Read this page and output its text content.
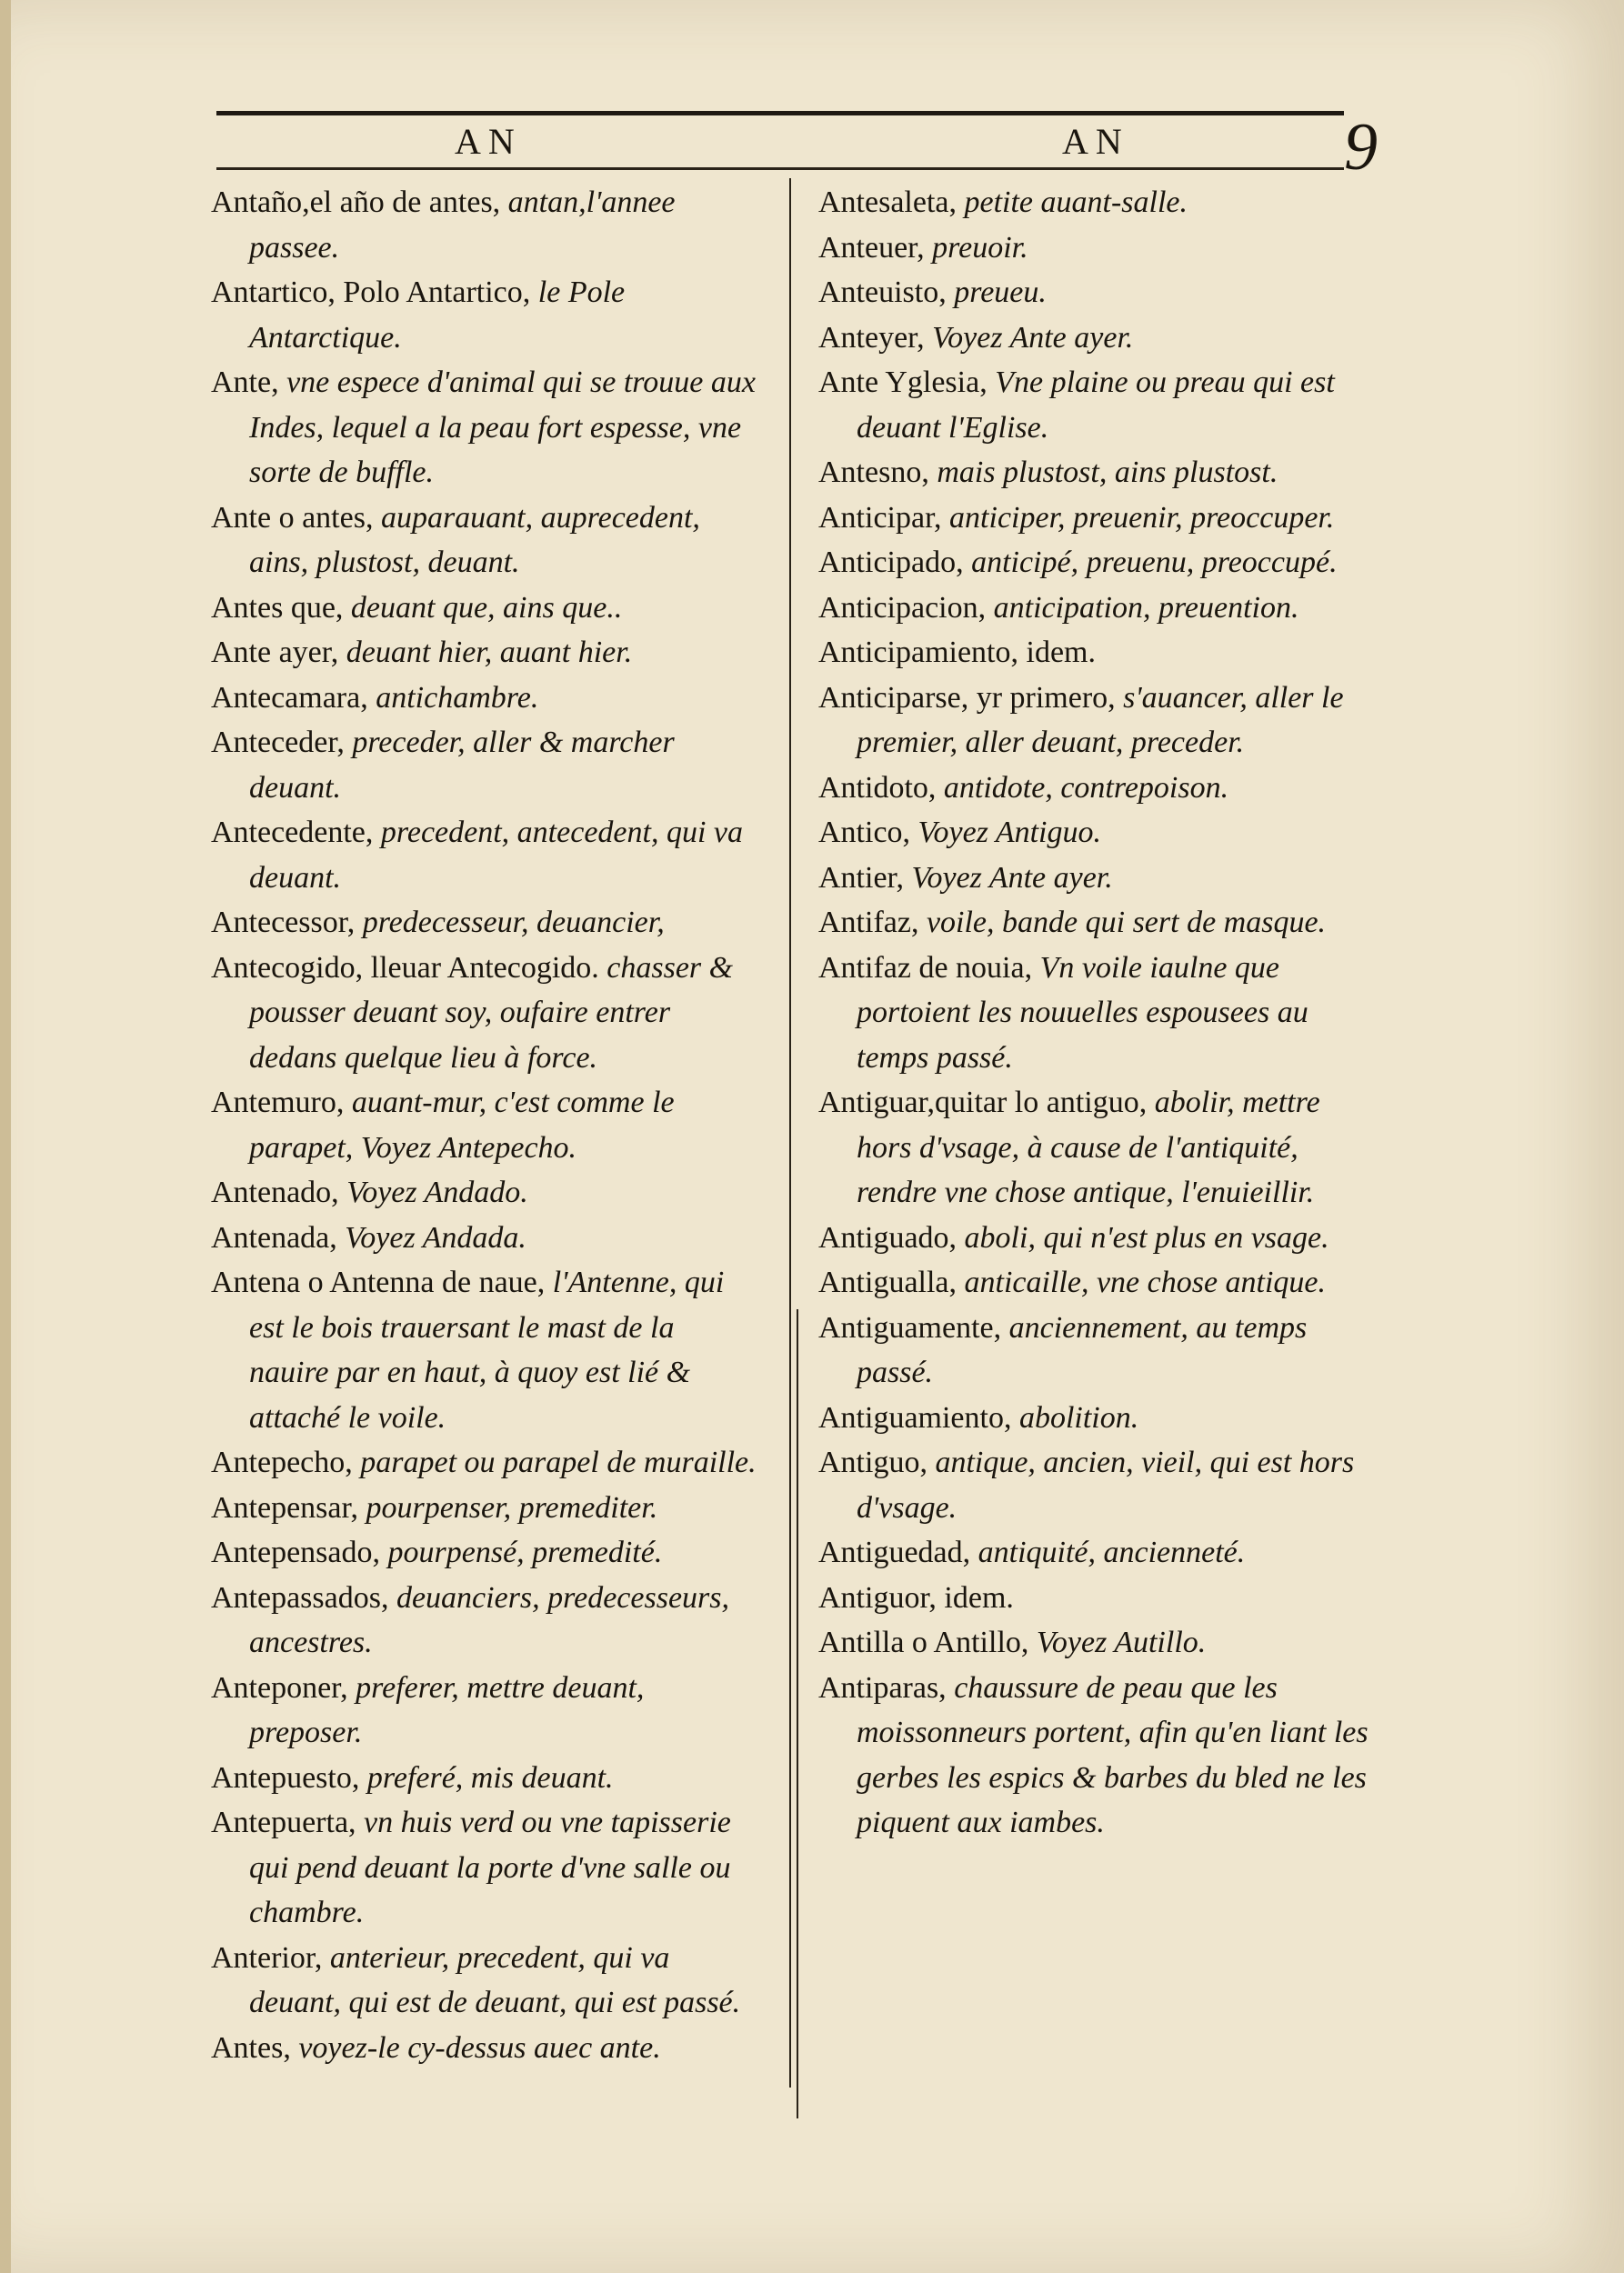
AN	AN	9

Antaño,el año de antes, antan,l'annee passee.

Antartico, Polo Antartico, le Pole Antarctique.

Ante, vne espece d'animal qui se trouue aux Indes, lequel a la peau fort espesse, vne sorte de buffle.

Ante o antes, auparauant, auprecedent, ains, plustost, deuant.

Antes que, deuant que, ains que..

Ante ayer, deuant hier, auant hier.

Antecamara, antichambre.

Anteceder, preceder, aller & marcher deuant.

Antecedente, precedent, antecedent, qui va deuant.

Antecessor, predecesseur, deuancier,

Antecogido, lleuar Antecogido. chasser & pousser deuant soy, oufaire entrer dedans quelque lieu à force.

Antemuro, auant-mur, c'est comme le parapet, Voyez Antepecho.

Antenado, Voyez Andado.

Antenada, Voyez Andada.

Antena o Antenna de naue, l'Antenne, qui est le bois trauersant le mast de la nauire par en haut, à quoy est lié & attaché le voile.

Antepecho, parapet ou parapel de muraille.

Antepensar, pourpenser, premediter.

Antepensado, pourpensé, premedité.

Antepassados, deuanciers, predecesseurs, ancestres.

Anteponer, preferer, mettre deuant, preposer.

Antepuesto, preferé, mis deuant.

Antepuerta, vn huis verd ou vne tapisserie qui pend deuant la porte d'vne salle ou chambre.

Anterior, anterieur, precedent, qui va deuant, qui est de deuant, qui est passé.

Antes, voyez-le cy-dessus auec ante.

Antesaleta, petite auant-salle.

Anteuer, preuoir.

Anteuisto, preueu.

Anteyer, Voyez Ante ayer.

Ante Yglesia, Vne plaine ou preau qui est deuant l'Eglise.

Antesno, mais plustost, ains plustost.

Anticipar, anticiper, preuenir, preoccuper.

Anticipado, anticipé, preuenu, preoccupé.

Anticipacion, anticipation, preuention.

Anticipamiento, idem.

Anticiparse, yr primero, s'auancer, aller le premier, aller deuant, preceder.

Antidoto, antidote, contrepoison.

Antico, Voyez Antiguo.

Antier, Voyez Ante ayer.

Antifaz, voile, bande qui sert de masque.

Antifaz de nouia, Vn voile iaulne que portoient les nouuelles espousees au temps passé.

Antiguar,quitar lo antiguo, abolir, mettre hors d'vsage, à cause de l'antiquité, rendre vne chose antique, l'enuieillir.

Antiguado, aboli, qui n'est plus en vsage.

Antigualla, anticaille, vne chose antique.

Antiguamente, anciennement, au temps passé.

Antiguamiento, abolition.

Antiguo, antique, ancien, vieil, qui est hors d'vsage.

Antiguedad, antiquité, ancienneté.

Antiguor, idem.

Antilla o Antillo, Voyez Autillo.

Antiparas, chaussure de peau que les moissonneurs portent, afin qu'en liant les gerbes les espics & barbes du bled ne les piquent aux iambes.
